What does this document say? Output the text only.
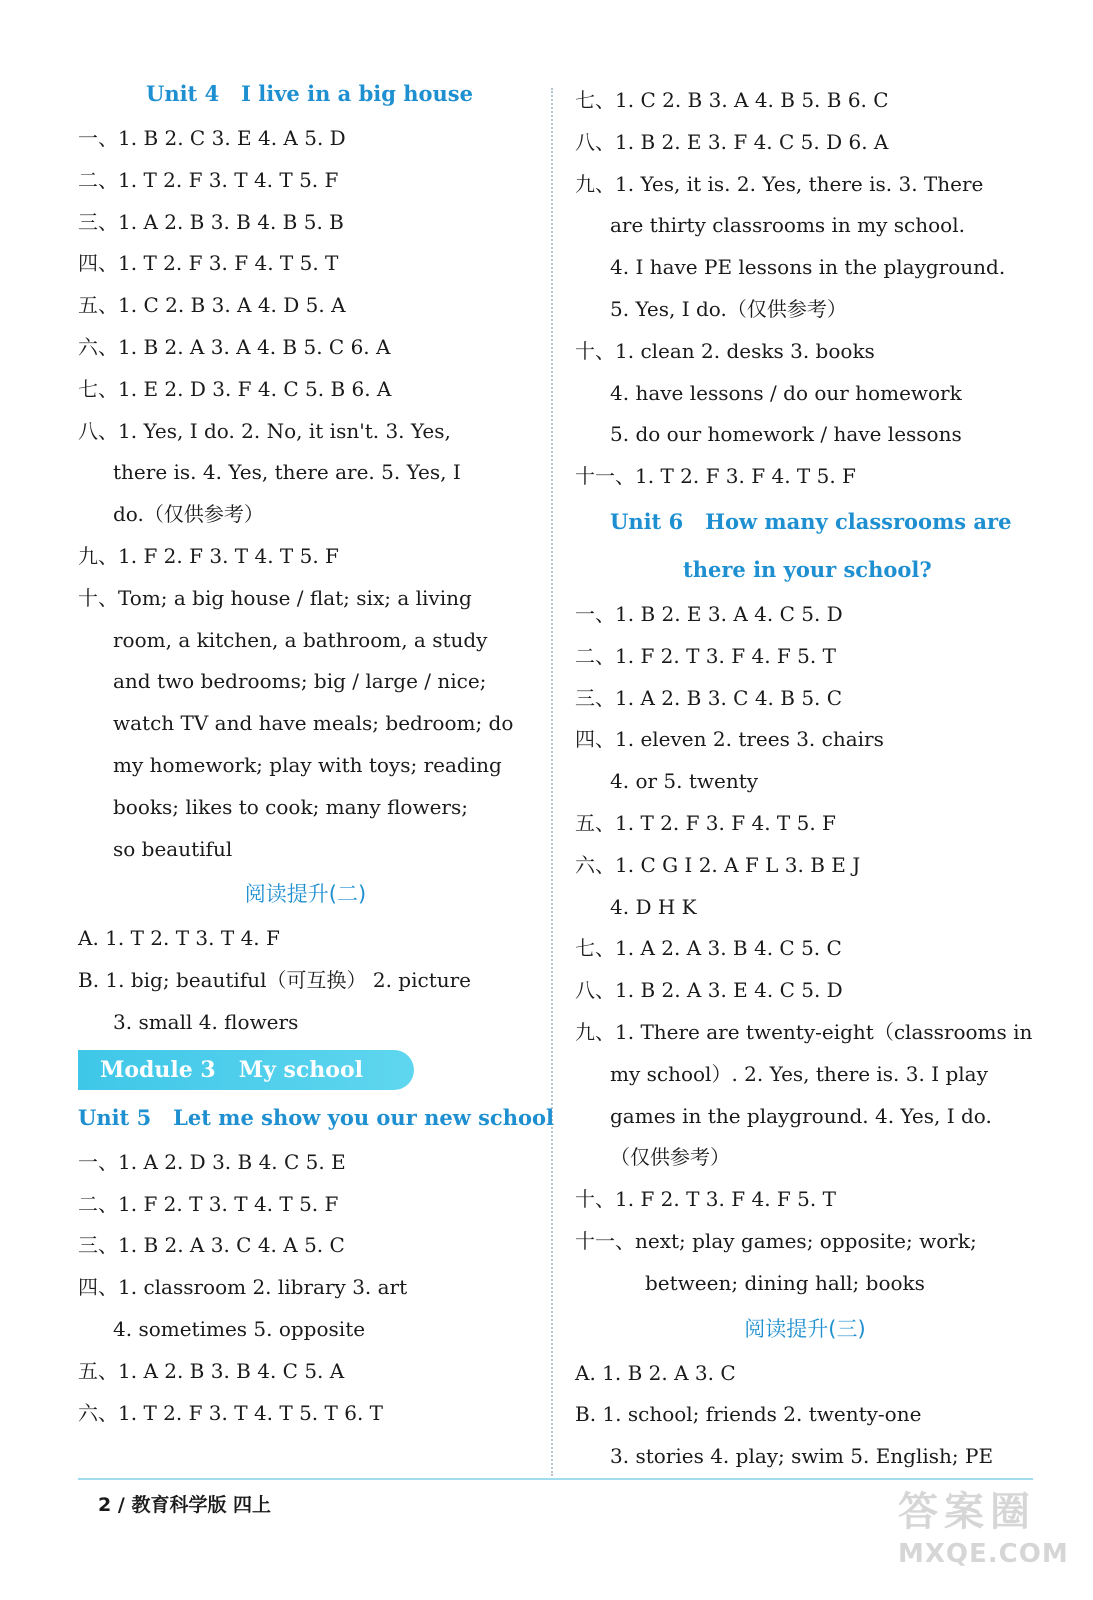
Unit 4 I live in a big house
一、1. B 2. C 3. E 4. A 5. D
二、1. T 2. F 3. T 4. T 5. F
三、1. A 2. B 3. B 4. B 5. B
四、1. T 2. F 3. F 4. T 5. T
五、1. C 2. B 3. A 4. D 5. A
六、1. B 2. A 3. A 4. B 5. C 6. A
七、1. E 2. D 3. F 4. C 5. B 6. A
八、1. Yes, I do. 2. No, it isn't. 3. Yes,
there is. 4. Yes, there are. 5. Yes, I
do.（仅供参考）
九、1. F 2. F 3. T 4. T 5. F
十、Tom; a big house / flat; six; a living
room, a kitchen, a bathroom, a study
and two bedrooms; big / large / nice;
watch TV and have meals; bedroom; do
my homework; play with toys; reading
books; likes to cook; many flowers;
so beautiful
阅读提升(二)
A. 1. T 2. T 3. T 4. F
B. 1. big; beautiful（可互换） 2. picture
3. small 4. flowers
Module 3 My school
Unit 5 Let me show you our new school
一、1. A 2. D 3. B 4. C 5. E
二、1. F 2. T 3. T 4. T 5. F
三、1. B 2. A 3. C 4. A 5. C
四、1. classroom 2. library 3. art
4. sometimes 5. opposite
五、1. A 2. B 3. B 4. C 5. A
六、1. T 2. F 3. T 4. T 5. T 6. T
七、1. C 2. B 3. A 4. B 5. B 6. C
八、1. B 2. E 3. F 4. C 5. D 6. A
九、1. Yes, it is. 2. Yes, there is. 3. There
are thirty classrooms in my school.
4. I have PE lessons in the playground.
5. Yes, I do.（仅供参考）
十、1. clean 2. desks 3. books
4. have lessons / do our homework
5. do our homework / have lessons
十一、1. T 2. F 3. F 4. T 5. F
Unit 6 How many classrooms are
there in your school?
一、1. B 2. E 3. A 4. C 5. D
二、1. F 2. T 3. F 4. F 5. T
三、1. A 2. B 3. C 4. B 5. C
四、1. eleven 2. trees 3. chairs
4. or 5. twenty
五、1. T 2. F 3. F 4. T 5. F
六、1. C G I 2. A F L 3. B E J
4. D H K
七、1. A 2. A 3. B 4. C 5. C
八、1. B 2. A 3. E 4. C 5. D
九、1. There are twenty-eight（classrooms in
my school）. 2. Yes, there is. 3. I play
games in the playground. 4. Yes, I do.
（仅供参考）
十、1. F 2. T 3. F 4. F 5. T
十一、next; play games; opposite; work;
between; dining hall; books
阅读提升(三)
A. 1. B 2. A 3. C
B. 1. school; friends 2. twenty-one
3. stories 4. play; swim 5. English; PE
2 / 教育科学版 四上	答案圈
MXQE.COM
